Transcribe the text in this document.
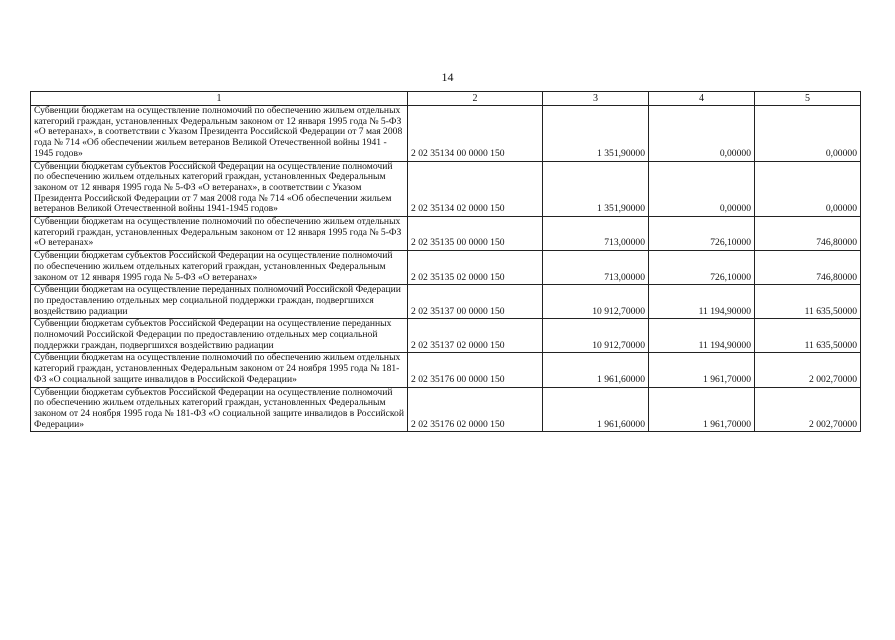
14
1	2	3	4	5
Субвенции бюджетам на осуществление полномочий по обеспечению жильем отдельных категорий граждан, установленных Федеральным законом от 12 января 1995 года № 5-ФЗ «О ветеранах», в соответствии с Указом Президента Российской Федерации от 7 мая 2008 года № 714 «Об обеспечении жильем ветеранов Великой Отечественной войны 1941 - 1945 годов»	2 02 35134 00 0000 150	1 351,90000	0,00000	0,00000
Субвенции бюджетам субъектов Российской Федерации на осуществление полномочий по обеспечению жильем отдельных категорий граждан, установленных Федеральным законом от 12 января 1995 года № 5-ФЗ «О ветеранах», в соответствии с Указом Президента Российской Федерации от 7 мая 2008 года № 714 «Об обеспечении жильем ветеранов Великой Отечественной войны 1941-1945 годов»	2 02 35134 02 0000 150	1 351,90000	0,00000	0,00000
Субвенции бюджетам на осуществление полномочий по обеспечению жильем отдельных категорий граждан, установленных Федеральным законом от 12 января 1995 года № 5-ФЗ «О ветеранах»	2 02 35135 00 0000 150	713,00000	726,10000	746,80000
Субвенции бюджетам субъектов Российской Федерации на осуществление полномочий по обеспечению жильем отдельных категорий граждан, установленных Федеральным законом от 12 января 1995 года № 5-ФЗ «О ветеранах»	2 02 35135 02 0000 150	713,00000	726,10000	746,80000
Субвенции бюджетам на осуществление переданных полномочий Российской Федерации по предоставлению отдельных мер социальной поддержки граждан, подвергшихся воздействию радиации	2 02 35137 00 0000 150	10 912,70000	11 194,90000	11 635,50000
Субвенции бюджетам субъектов Российской Федерации на осуществление переданных полномочий Российской Федерации по предоставлению отдельных мер социальной поддержки граждан, подвергшихся воздействию радиации	2 02 35137 02 0000 150	10 912,70000	11 194,90000	11 635,50000
Субвенции бюджетам на осуществление полномочий по обеспечению жильем отдельных категорий граждан, установленных Федеральным законом от 24 ноября 1995 года № 181-ФЗ «О социальной защите инвалидов в Российской Федерации»	2 02 35176 00 0000 150	1 961,60000	1 961,70000	2 002,70000
Субвенции бюджетам субъектов Российской Федерации на осуществление полномочий по обеспечению жильем отдельных категорий граждан, установленных Федеральным законом от 24 ноября 1995 года № 181-ФЗ «О социальной защите инвалидов в Российской Федерации»	2 02 35176 02 0000 150	1 961,60000	1 961,70000	2 002,70000
